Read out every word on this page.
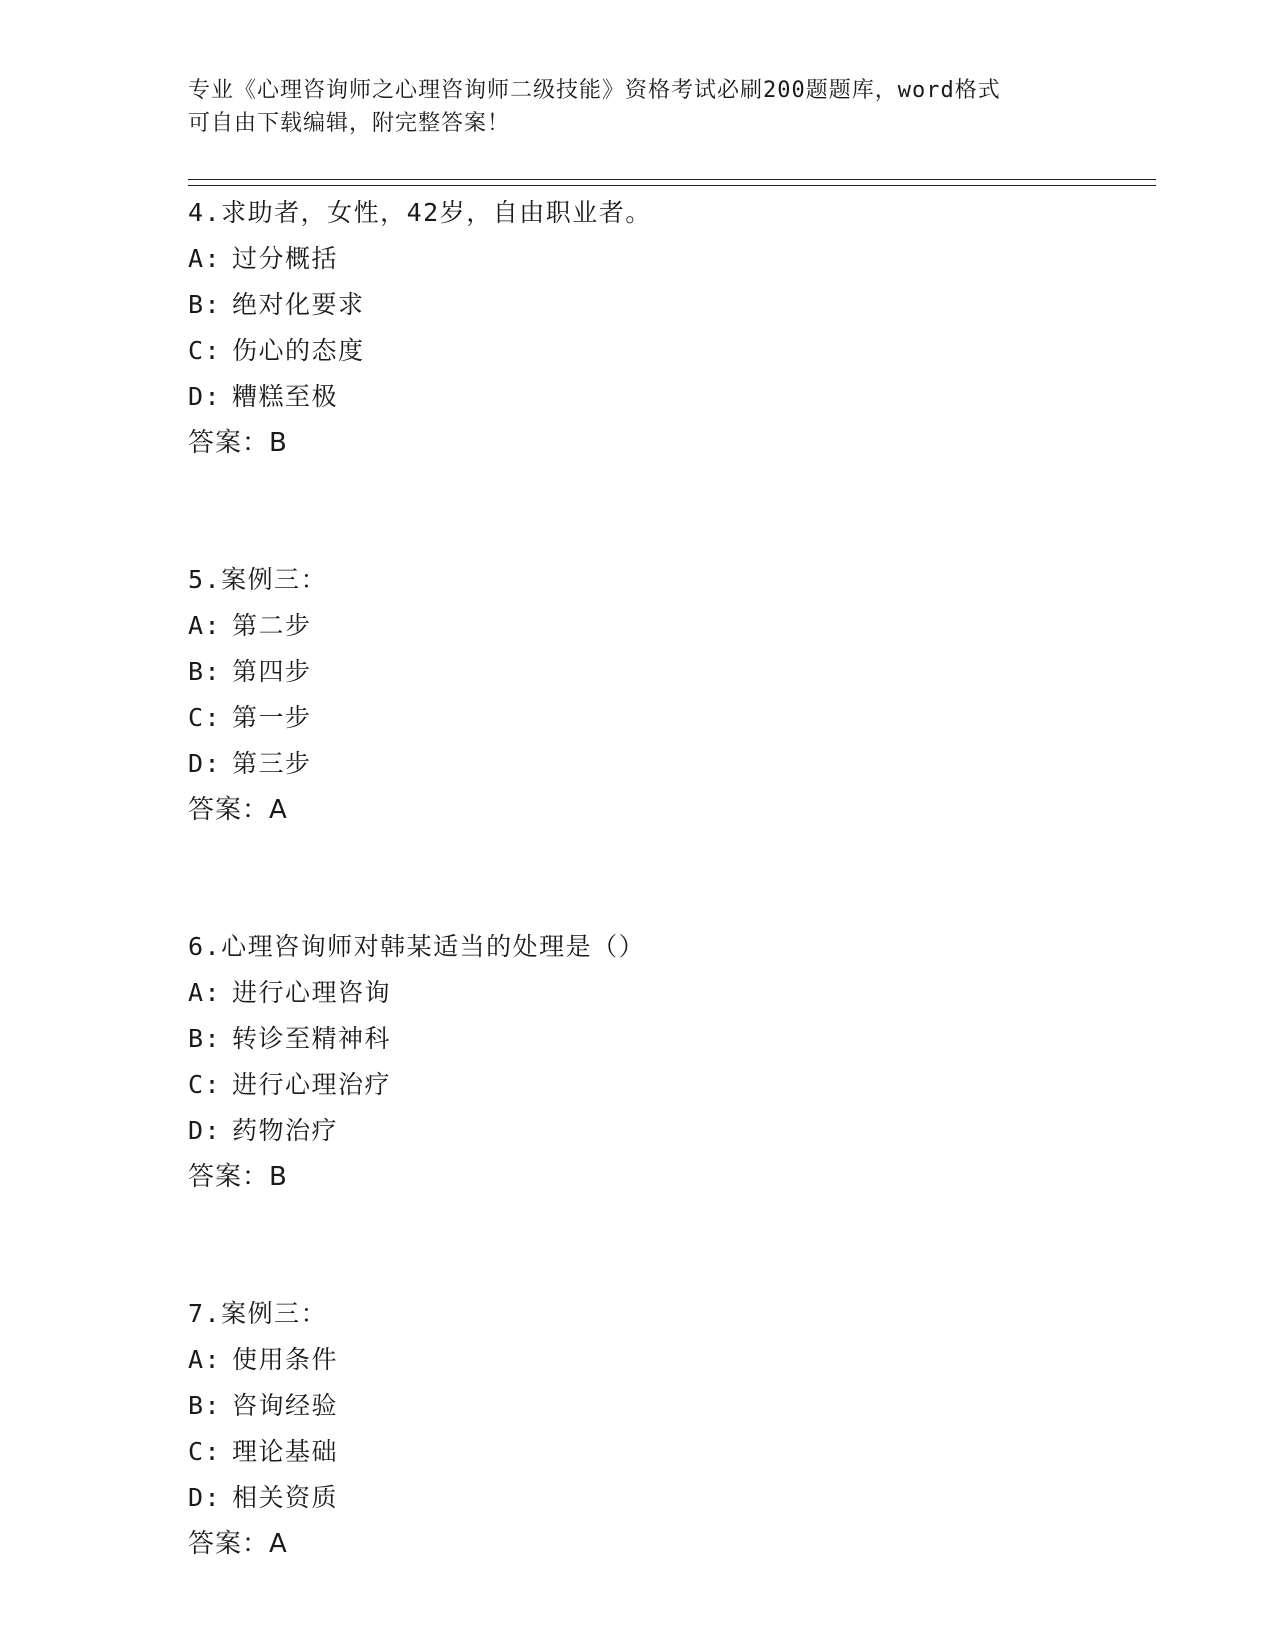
专业《心理咨询师之心理咨询师二级技能》资格考试必刷200题题库，word格式
可自由下载编辑，附完整答案！
4.求助者，女性，42岁，自由职业者。
A: 过分概括
B: 绝对化要求
C: 伤心的态度
D: 糟糕至极
答案：B
5.案例三：
A: 第二步
B: 第四步
C: 第一步
D: 第三步
答案：A
6.心理咨询师对韩某适当的处理是（）
A: 进行心理咨询
B: 转诊至精神科
C: 进行心理治疗
D: 药物治疗
答案：B
7.案例三：
A: 使用条件
B: 咨询经验
C: 理论基础
D: 相关资质
答案：A
